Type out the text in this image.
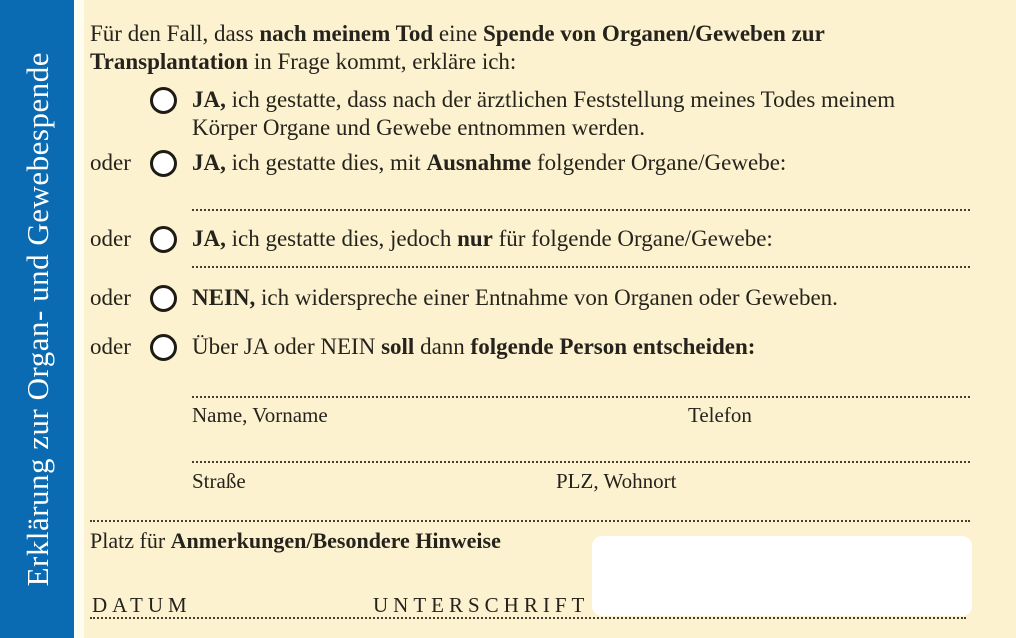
Erklärung zur Organ- und Gewebespende

Für den Fall, dass nach meinem Tod eine Spende von Organen/Geweben zur Transplantation in Frage kommt, erkläre ich:

JA, ich gestatte, dass nach der ärztlichen Feststellung meines Todes meinem Körper Organe und Gewebe entnommen werden.
oder	JA, ich gestatte dies, mit Ausnahme folgender Organe/Gewebe:
oder	JA, ich gestatte dies, jedoch nur für folgende Organe/Gewebe:
oder	NEIN, ich widerspreche einer Entnahme von Organen oder Geweben.
oder	Über JA oder NEIN soll dann folgende Person entscheiden:
Name, Vorname	Telefon
Straße	PLZ, Wohnort

Platz für Anmerkungen/Besondere Hinweise

DATUM	UNTERSCHRIFT
